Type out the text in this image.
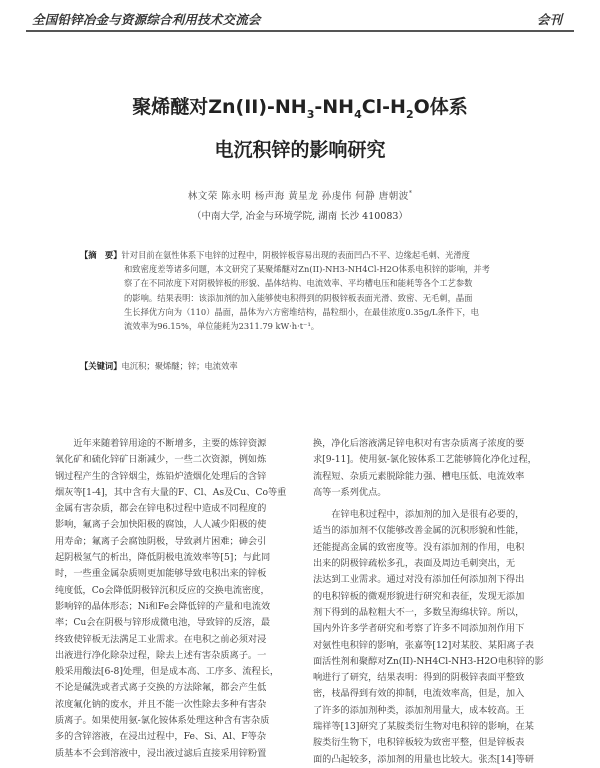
全国铅锌冶金与资源综合利用技术交流会	会刊
聚烯醚对$Zn(II)-NH_3-NH_4Cl-H_2O$体系
电沉积锌的影响研究
林文荣 陈永明 杨声海 黄星龙 孙虔伟 何静 唐朝波*
（中南大学, 冶金与环境学院, 湖南 长沙 410083）
【摘　要】针对目前在氨性体系下电锌的过程中，阴极锌板容易出现的表面凹凸不平、边缘起毛刺、光滑度
和致密度差等诸多问题，本文研究了某聚烯醚对Zn(II)-NH3-NH4Cl-H2O体系电积锌的影响，并考
察了在不同浓度下对阴极锌板的形貌、晶体结构、电流效率、平均槽电压和能耗等各个工艺参数
的影响。结果表明：该添加剂的加入能够使电积得到的阴极锌板表面光滑、致密、无毛刺，晶面
生长择优方向为（110）晶面，晶体为六方密堆结构，晶粒细小，在最佳浓度0.35g/L条件下，电
流效率为96.15%，单位能耗为2311.79 kW·h·t⁻¹。
【关键词】电沉积；聚烯醚；锌；电流效率
近年来随着锌用途的不断增多，主要的炼锌资源
氧化矿和硫化锌矿日渐减少，一些二次资源，例如炼
钢过程产生的含锌烟尘，炼铅炉渣烟化处理后的含锌
烟灰等[1-4]，其中含有大量的F、Cl、As及Cu、Co等重
金属有害杂质，都会在锌电积过程中造成不同程度的
影响，氟离子会加快阳极的腐蚀，人人减少阳极的使
用寿命；氟离子会腐蚀阴极，导致剥片困难；砷会引
起阴极氢气的析出，降低阴极电流效率等[5]；与此同
时，一些重金属杂质则更加能够导致电积出来的锌板
纯度低，Co会降低阴极锌沉积反应的交换电流密度，
影响锌的晶体形态；Ni和Fe会降低锌的产量和电流效
率；Cu会在阴极与锌形成微电池，导致锌的反溶，最
终致使锌板无法满足工业需求。在电积之前必须对浸
出液进行净化除杂过程，除去上述有害杂质离子。一
般采用酸法[6-8]处理，但是成本高、工序多、流程长，
不论是碱洗或者式离子交换的方法除氟，都会产生低
浓度氟化钠的废水，并且不能一次性除去多种有害杂
质离子。如果使用氨-氯化铵体系处理这种含有害杂质
多的含锌溶液，在浸出过程中，Fe、Si、Al、F等杂
质基本不会到溶液中，浸出液过滤后直接采用锌粉置
换，净化后溶液满足锌电积对有害杂质离子浓度的要
求[9-11]。使用氨-氯化铵体系工艺能够简化净化过程，
流程短、杂质元素脱除能力强、槽电压低、电流效率
高等一系列优点。
在锌电积过程中，添加剂的加入是很有必要的，
适当的添加剂不仅能够改善金属的沉积形貌和性能，
还能提高金属的致密度等。没有添加剂的作用，电积
出来的阴极锌疏松多孔，表面及周边毛刺突出，无
法达到工业需求。通过对没有添加任何添加剂下得出
的电积锌板的微观形貌进行研究和表征，发现无添加
剂下得到的晶粒粗大不一，多数呈海绵状锌。所以，
国内外许多学者研究和考察了许多不同添加剂作用下
对氨性电积锌的影响，张嘉等[12]对某胶、某阳离子表
面活性剂和聚醇对Zn(II)-NH4Cl-NH3-H2O电积锌的影
响进行了研究，结果表明：得到的阴极锌表面平整致
密，枝晶得到有效的抑制，电流效率高，但是，加入
了许多的添加剂种类，添加剂用量大，成本较高。王
瑞祥等[13]研究了某胺类衍生物对电积锌的影响，在某
胺类衍生物下，电积锌板较为致密平整，但是锌板表
面的凸起较多，添加剂的用量也比较大。张杰[14]等研
